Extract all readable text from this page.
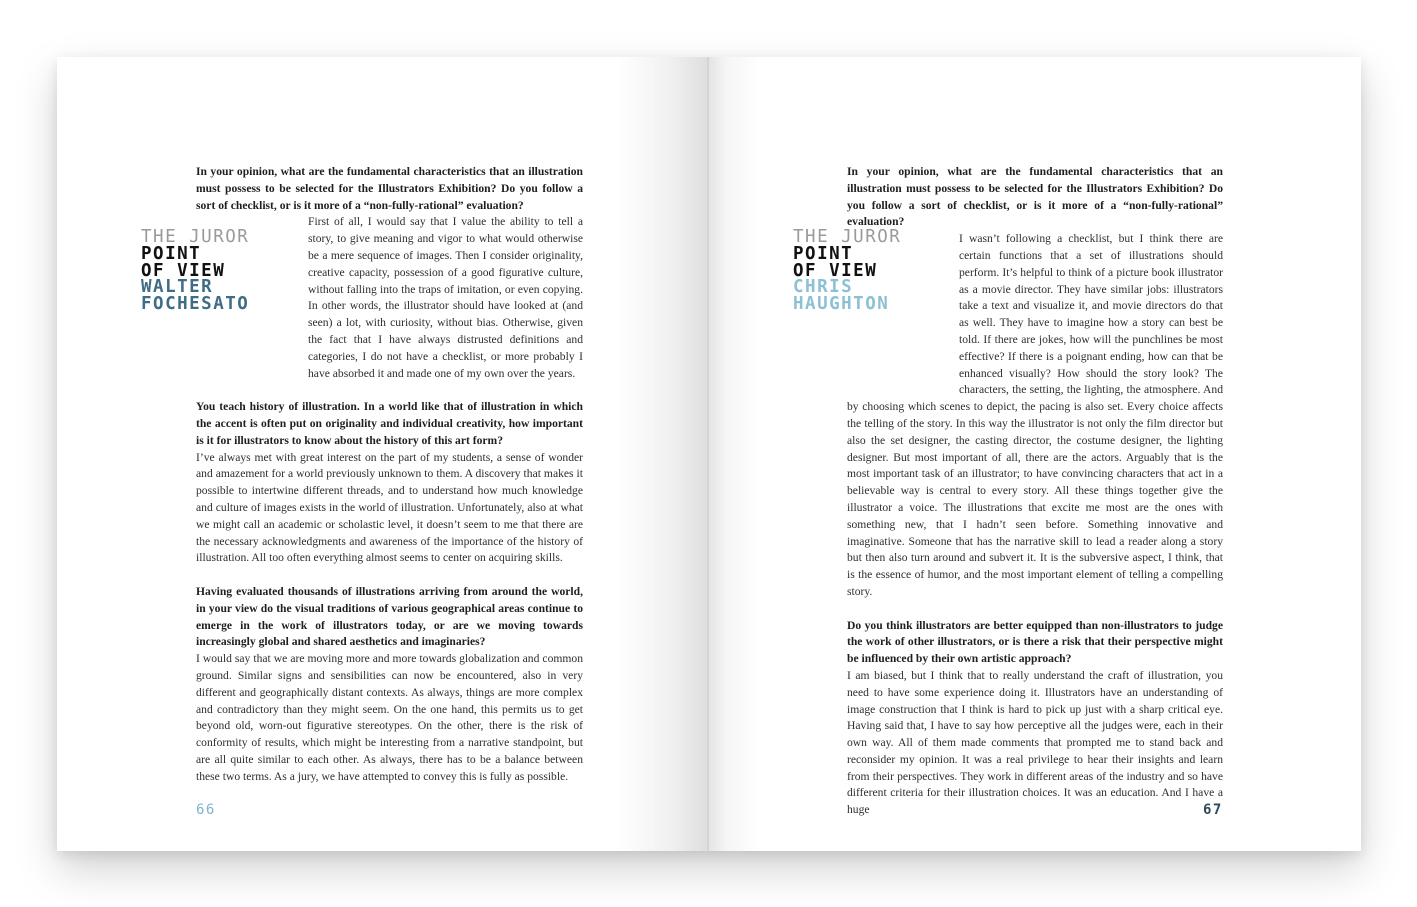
THE JUROR
POINT
OF VIEW
WALTER
FOCHESATO

In your opinion, what are the fundamental characteristics that an illustration must possess to be selected for the Illustrators Exhibition? Do you follow a sort of checklist, or is it more of a “non-fully-rational” evaluation?

First of all, I would say that I value the ability to tell a story, to give meaning and vigor to what would otherwise be a mere sequence of images. Then I consider originality, creative capacity, possession of a good figurative culture, without falling into the traps of imitation, or even copying. In other words, the illustrator should have looked at (and seen) a lot, with curiosity, without bias. Otherwise, given the fact that I have always distrusted definitions and categories, I do not have a checklist, or more probably I have absorbed it and made one of my own over the years.

You teach history of illustration. In a world like that of illustration in which the accent is often put on originality and individual creativity, how important is it for illustrators to know about the history of this art form?

I’ve always met with great interest on the part of my students, a sense of wonder and amazement for a world previously unknown to them. A discovery that makes it possible to intertwine different threads, and to understand how much knowledge and culture of images exists in the world of illustration. Unfortunately, also at what we might call an academic or scholastic level, it doesn’t seem to me that there are the necessary acknowledgments and awareness of the importance of the history of illustration. All too often everything almost seems to center on acquiring skills.

Having evaluated thousands of illustrations arriving from around the world, in your view do the visual traditions of various geographical areas continue to emerge in the work of illustrators today, or are we moving towards increasingly global and shared aesthetics and imaginaries?

I would say that we are moving more and more towards globalization and common ground. Similar signs and sensibilities can now be encountered, also in very different and geographically distant contexts. As always, things are more complex and contradictory than they might seem. On the one hand, this permits us to get beyond old, worn-out figurative stereotypes. On the other, there is the risk of conformity of results, which might be interesting from a narrative standpoint, but are all quite similar to each other. As always, there has to be a balance between these two terms. As a jury, we have attempted to convey this is fully as possible.

66
THE JUROR
POINT
OF VIEW
CHRIS
HAUGHTON

In your opinion, what are the fundamental characteristics that an illustration must possess to be selected for the Illustrators Exhibition? Do you follow a sort of checklist, or is it more of a “non-fully-rational” evaluation?

I wasn’t following a checklist, but I think there are certain functions that a set of illustrations should perform. It’s helpful to think of a picture book illustrator as a movie director. They have similar jobs: illustrators take a text and visualize it, and movie directors do that as well. They have to imagine how a story can best be told. If there are jokes, how will the punchlines be most effective? If there is a poignant ending, how can that be enhanced visually? How should the story look? The characters, the setting, the lighting, the atmosphere. And by choosing which scenes to depict, the pacing is also set. Every choice affects the telling of the story. In this way the illustrator is not only the film director but also the set designer, the casting director, the costume designer, the lighting designer. But most important of all, there are the actors. Arguably that is the most important task of an illustrator; to have convincing characters that act in a believable way is central to every story. All these things together give the illustrator a voice. The illustrations that excite me most are the ones with something new, that I hadn’t seen before. Something innovative and imaginative. Someone that has the narrative skill to lead a reader along a story but then also turn around and subvert it. It is the subversive aspect, I think, that is the essence of humor, and the most important element of telling a compelling story.

Do you think illustrators are better equipped than non-illustrators to judge the work of other illustrators, or is there a risk that their perspective might be influenced by their own artistic approach?

I am biased, but I think that to really understand the craft of illustration, you need to have some experience doing it. Illustrators have an understanding of image construction that I think is hard to pick up just with a sharp critical eye. Having said that, I have to say how perceptive all the judges were, each in their own way. All of them made comments that prompted me to stand back and reconsider my opinion. It was a real privilege to hear their insights and learn from their perspectives. They work in different areas of the industry and so have different criteria for their illustration choices. It was an education. And I have a huge	67
